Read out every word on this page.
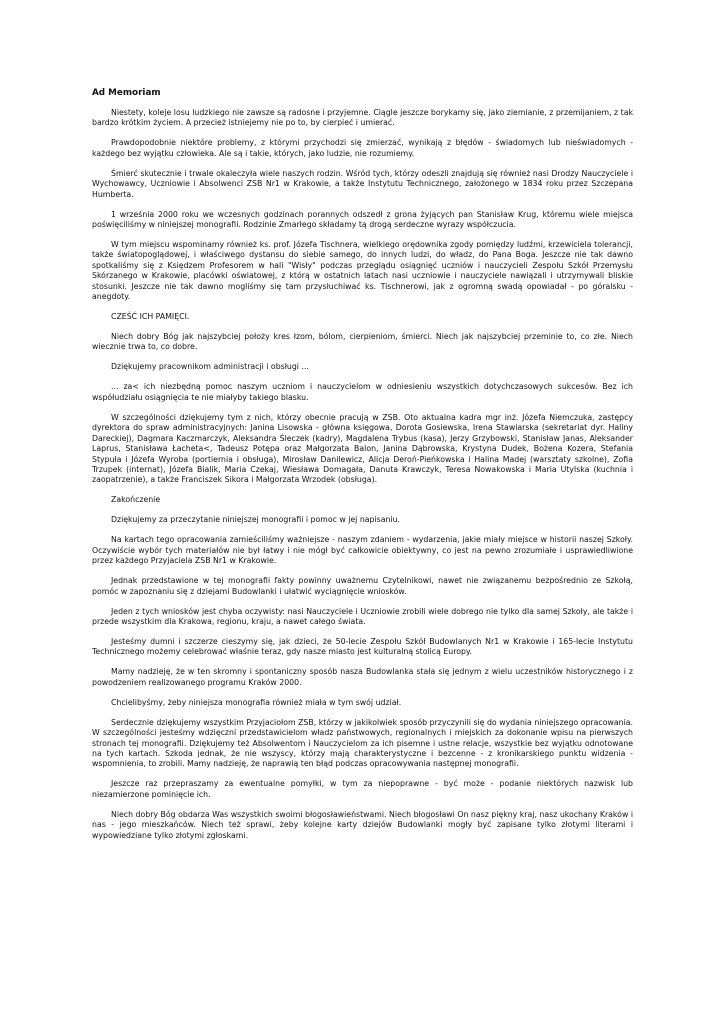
Ad Memoriam
Niestety, koleje losu ludzkiego nie zawsze są radosne i przyjemne. Ciągle jeszcze borykamy się, jako ziemianie, z przemijaniem, z tak bardzo krótkim życiem. A przecież istniejemy nie po to, by cierpieć i umierać.
Prawdopodobnie niektóre problemy, z którymi przychodzi się zmierzać, wynikają z błędów - świadomych lub nieświadomych - każdego bez wyjątku człowieka. Ale są i takie, których, jako ludzie, nie rozumiemy.
Śmierć skutecznie i trwale okaleczyła wiele naszych rodzin. Wśród tych, którzy odeszli znajdują się również nasi Drodzy Nauczyciele i Wychowawcy, Uczniowie i Absolwenci ZSB Nr1 w Krakowie, a także Instytutu Technicznego, założonego w 1834 roku przez Szczepana Humberta.
1 września 2000 roku we wczesnych godzinach porannych odszedł z grona żyjących pan Stanisław Krug, któremu wiele miejsca poświęciliśmy w niniejszej monografii. Rodzinie Zmarłego składamy tą drogą serdeczne wyrazy współczucia.
W tym miejscu wspominamy również ks. prof. Józefa Tischnera, wielkiego orędownika zgody pomiędzy ludźmi, krzewiciela tolerancji, także światopoglądowej, i właściwego dystansu do siebie samego, do innych ludzi, do władz, do Pana Boga. Jeszcze nie tak dawno spotkaliśmy się z Księdzem Profesorem w hali "Wisły" podczas przeglądu osiągnięć uczniów i nauczycieli Zespołu Szkół Przemysłu Skórzanego w Krakowie, placówki oświatowej, z którą w ostatnich latach nasi uczniowie i nauczyciele nawiązali i utrzymywali bliskie stosunki. Jeszcze nie tak dawno mogliśmy się tam przysłuchiwać ks. Tischnerowi, jak z ogromną swadą opowiadał - po góralsku - anegdoty.
CZEŚĆ ICH PAMIĘCI.
Niech dobry Bóg jak najszybciej położy kres łzom, bólom, cierpieniom, śmierci. Niech jak najszybciej przeminie to, co złe. Niech wiecznie trwa to, co dobre.
Dziękujemy pracownikom administracji i obsługi ...
... za< ich niezbędną pomoc naszym uczniom i nauczycielom w odniesieniu wszystkich dotychczasowych sukcesów. Bez ich współudziału osiągnięcia te nie miałyby takiego blasku.
W szczególności dziękujemy tym z nich, którzy obecnie pracują w ZSB. Oto aktualna kadra mgr inż. Józefa Niemczuka, zastępcy dyrektora do spraw administracyjnych: Janina Lisowska - główna księgowa, Dorota Gosiewska, Irena Stawiarska (sekretariat dyr. Haliny Dareckiej), Dagmara Kaczmarczyk, Aleksandra Śleczek (kadry), Magdalena Trybus (kasa), Jerzy Grzybowski, Stanisław Janas, Aleksander Laprus, Stanisława Łacheta<, Tadeusz Potępa oraz Małgorzata Balon, Janina Dąbrowska, Krystyna Dudek, Bożena Kozera, Stefania Stypuła i Józefa Wyroba (portiernia i obsługa), Mirosław Danilewicz, Alicja Deroń-Pieńkowska i Halina Madej (warsztaty szkolne), Zofia Trzupek (internat), Józefa Bialik, Maria Czekaj, Wiesława Domagała, Danuta Krawczyk, Teresa Nowakowska i Maria Utylska (kuchnia i zaopatrzenie), a także Franciszek Sikora i Małgorzata Wrzodek (obsługa).
Zakończenie
Dziękujemy za przeczytanie niniejszej monografii i pomoc w jej napisaniu.
Na kartach tego opracowania zamieściliśmy ważniejsze - naszym zdaniem - wydarzenia, jakie miały miejsce w historii naszej Szkoły. Oczywiście wybór tych materiałów nie był łatwy i nie mógł być całkowicie obiektywny, co jest na pewno zrozumiałe i usprawiedliwione przez każdego Przyjaciela ZSB Nr1 w Krakowie.
Jednak przedstawione w tej monografii fakty powinny uważnemu Czytelnikowi, nawet nie związanemu bezpośrednio ze Szkołą, pomóc w zapoznaniu się z dziejami Budowlanki i ułatwić wyciągnięcie wniosków.
Jeden z tych wniosków jest chyba oczywisty: nasi Nauczyciele i Uczniowie zrobili wiele dobrego nie tylko dla samej Szkoły, ale także i przede wszystkim dla Krakowa, regionu, kraju, a nawet całego świata.
Jesteśmy dumni i szczerze cieszymy się, jak dzieci, że 50-lecie Zespołu Szkół Budowlanych Nr1 w Krakowie i 165-lecie Instytutu Technicznego możemy celebrować właśnie teraz, gdy nasze miasto jest kulturalną stolicą Europy.
Mamy nadzieję, że w ten skromny i spontaniczny sposób nasza Budowlanka stała się jednym z wielu uczestników historycznego i z powodzeniem realizowanego programu Kraków 2000.
Chcielibyśmy, żeby niniejsza monografia również miała w tym swój udział.
Serdecznie dziękujemy wszystkim Przyjaciołom ZSB, którzy w jakikolwiek sposób przyczynili się do wydania niniejszego opracowania. W szczególności jesteśmy wdzięczni przedstawicielom władz państwowych, regionalnych i miejskich za dokonanie wpisu na pierwszych stronach tej monografii. Dziękujemy też Absolwentom i Nauczycielom za ich pisemne i ustne relacje, wszystkie bez wyjątku odnotowane na tych kartach. Szkoda jednak, że nie wszyscy, którzy mają charakterystyczne i bezcenne - z kronikarskiego punktu widzenia - wspomnienia, to zrobili. Mamy nadzieję, że naprawią ten błąd podczas opracowywania następnej monografii.
Jeszcze raz przepraszamy za ewentualne pomyłki, w tym za niepoprawne - być może - podanie niektórych nazwisk lub niezamierzone pominięcie ich.
Niech dobry Bóg obdarza Was wszystkich swoimi błogosławieństwami. Niech błogosławi On nasz piękny kraj, nasz ukochany Kraków i nas - jego mieszkańców. Niech też sprawi, żeby kolejne karty dziejów Budowlanki mogły być zapisane tylko złotymi literami i wypowiedziane tylko złotymi zgłoskami.
